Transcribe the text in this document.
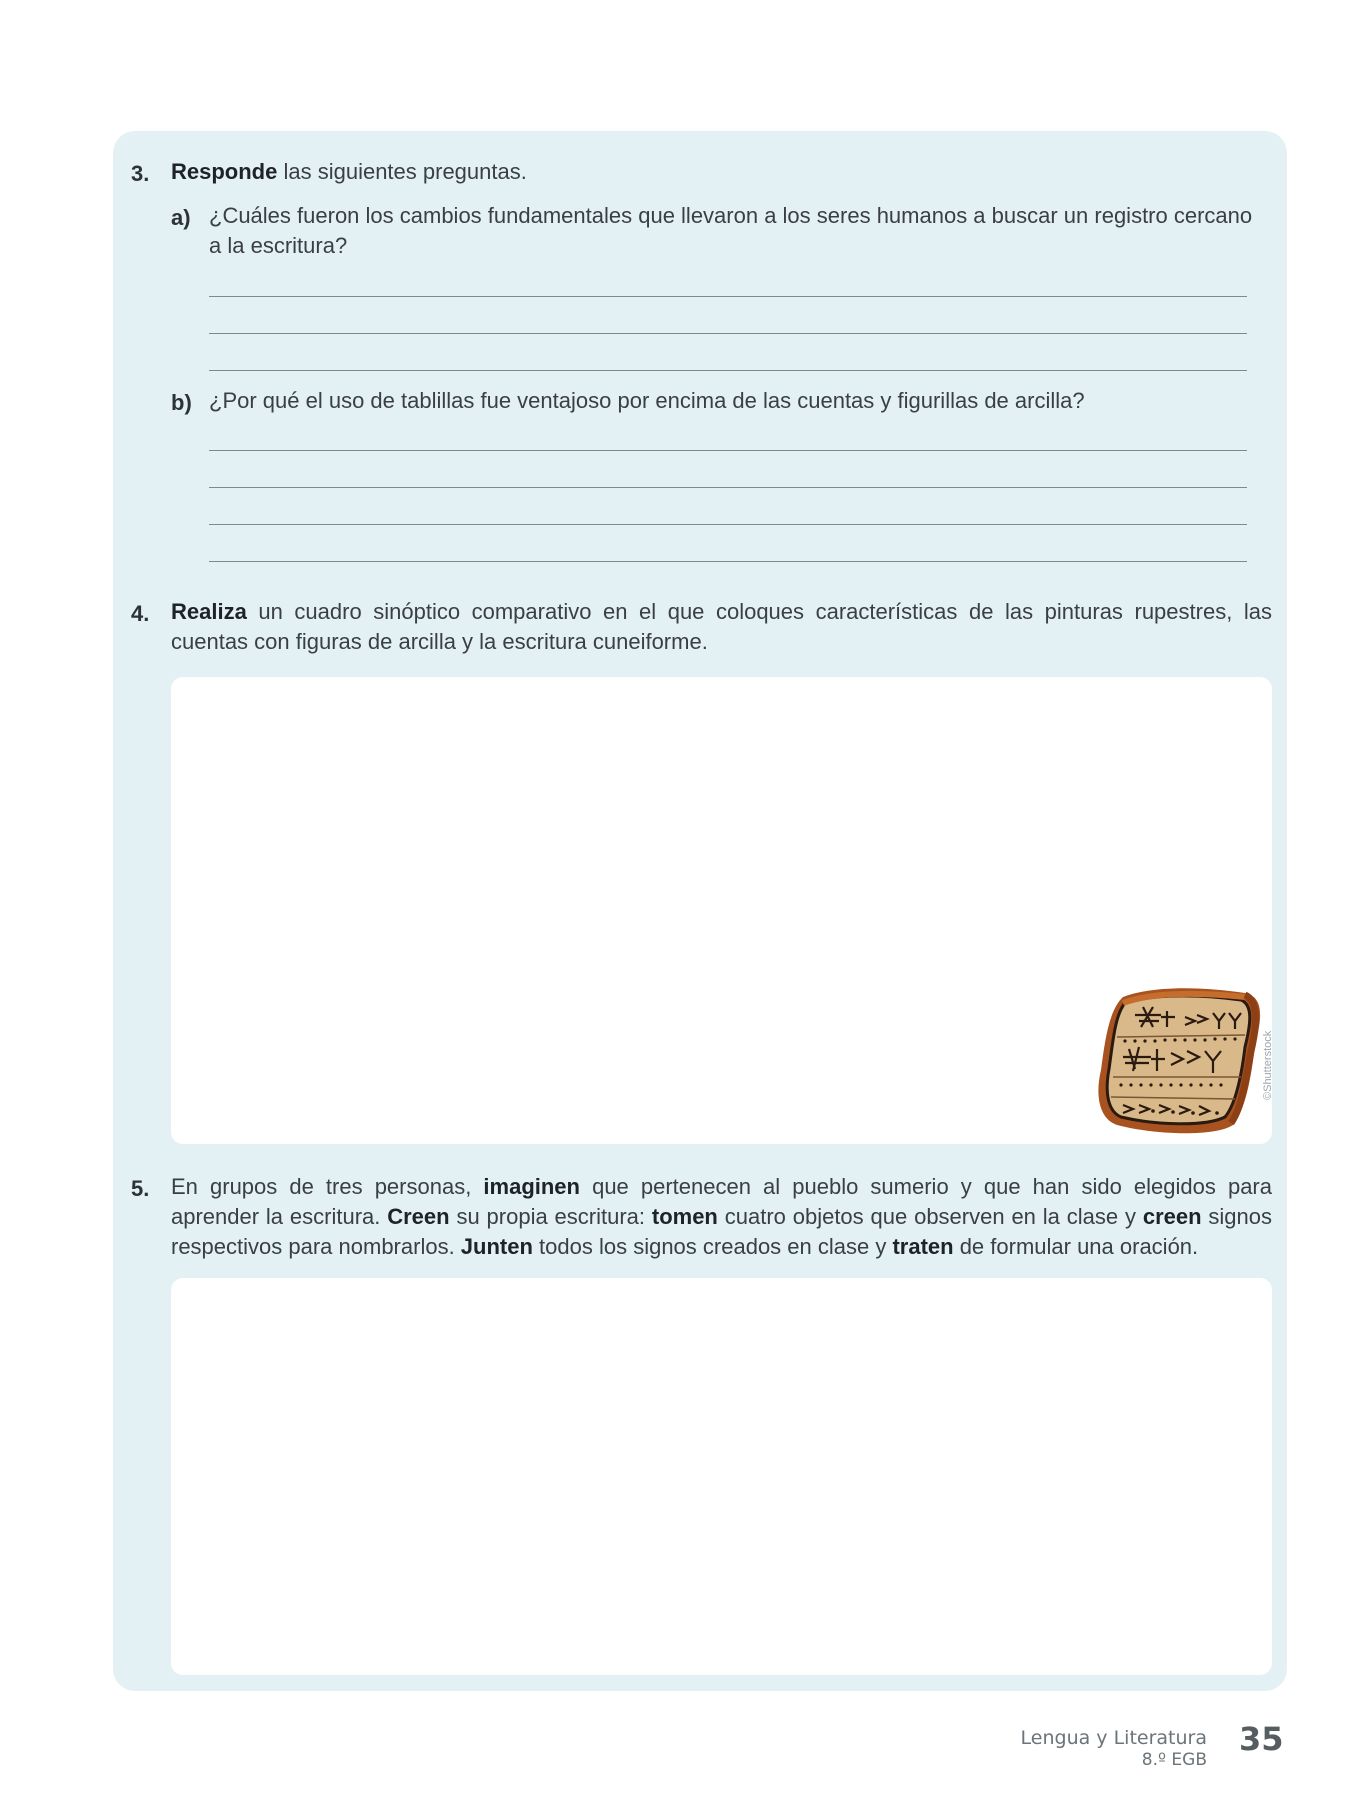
3. Responde las siguientes preguntas.
a) ¿Cuáles fueron los cambios fundamentales que llevaron a los seres humanos a buscar un registro cercano
a la escritura?
b) ¿Por qué el uso de tablillas fue ventajoso por encima de las cuentas y figurillas de arcilla?
4. Realiza un cuadro sinóptico comparativo en el que coloques características de las pinturas rupestres, las
cuentas con figuras de arcilla y la escritura cuneiforme.
©Shutterstock
5. En grupos de tres personas, imaginen que pertenecen al pueblo sumerio y que han sido elegidos para
aprender la escritura. Creen su propia escritura: tomen cuatro objetos que observen en la clase y creen signos
respectivos para nombrarlos. Junten todos los signos creados en clase y traten de formular una oración.
Lengua y Literatura
8.º EGB
35
